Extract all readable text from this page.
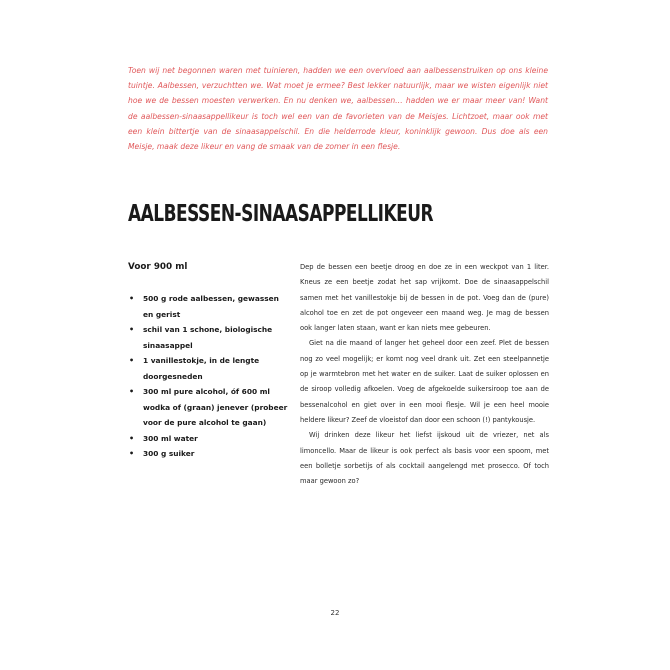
Toen wij net begonnen waren met tuinieren, hadden we een overvloed aan aalbessenstruiken op ons kleine tuintje. Aalbessen, verzuchtten we. Wat moet je ermee? Best lekker natuurlijk, maar we wisten eigenlijk niet hoe we de bessen moesten verwerken. En nu denken we, aalbessen… hadden we er maar meer van! Want de aalbessen-sinaasappellikeur is toch wel een van de favorieten van de Meisjes. Lichtzoet, maar ook met een klein bittertje van de sinaasappelschil. En die helderrode kleur, koninklijk gewoon. Dus doe als een Meisje, maak deze likeur en vang de smaak van de zomer in een flesje.

AALBESSEN-SINAASAPPELLIKEUR

Voor 900 ml

• 500 g rode aalbessen, gewassen en gerist
• schil van 1 schone, biologische sinaasappel
• 1 vanillestokje, in de lengte doorgesneden
• 300 ml pure alcohol, óf 600 ml wodka of (graan) jenever (probeer voor de pure alcohol te gaan)
• 300 ml water
• 300 g suiker

Dep de bessen een beetje droog en doe ze in een weckpot van 1 liter. Kneus ze een beetje zodat het sap vrijkomt. Doe de sinaasappelschil samen met het vanillestokje bij de bessen in de pot. Voeg dan de (pure) alcohol toe en zet de pot ongeveer een maand weg. Je mag de bessen ook langer laten staan, want er kan niets mee gebeuren.

Giet na die maand of langer het geheel door een zeef. Plet de bessen nog zo veel mogelijk; er komt nog veel drank uit. Zet een steelpannetje op je warmtebron met het water en de suiker. Laat de suiker oplossen en de siroop volledig afkoelen. Voeg de afgekoelde suikersiroop toe aan de bessenalcohol en giet over in een mooi flesje. Wil je een heel mooie heldere likeur? Zeef de vloeistof dan door een schoon (!) pantykousje.

Wij drinken deze likeur het liefst ijskoud uit de vriezer, net als limoncello. Maar de likeur is ook perfect als basis voor een spoom, met een bolletje sorbetijs of als cocktail aangelengd met prosecco. Of toch maar gewoon zo?

22
